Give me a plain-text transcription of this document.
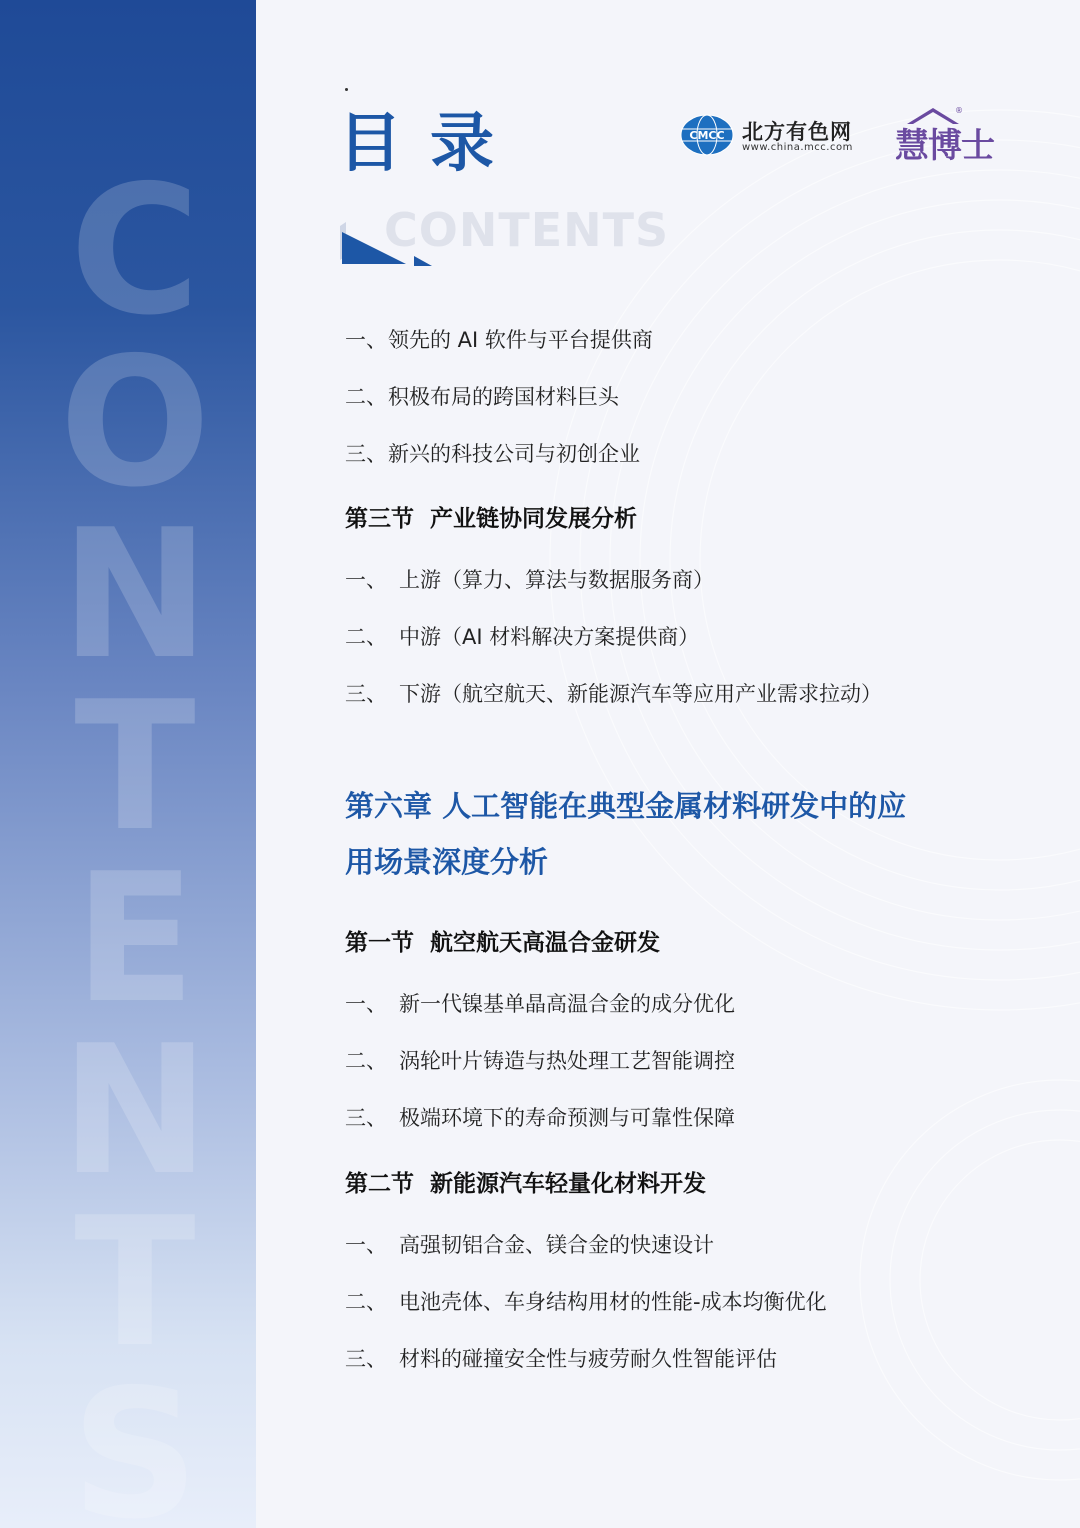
CONTENTS
目录
CONTENTS
CMCC 北方有色网
www.china.mcc.com
®
慧博士
一、领先的 AI 软件与平台提供商
二、积极布局的跨国材料巨头
三、新兴的科技公司与初创企业
第三节 产业链协同发展分析
一、 上游（算力、算法与数据服务商）
二、 中游（AI 材料解决方案提供商）
三、 下游（航空航天、新能源汽车等应用产业需求拉动）
第六章 人工智能在典型金属材料研发中的应
用场景深度分析
第一节 航空航天高温合金研发
一、 新一代镍基单晶高温合金的成分优化
二、 涡轮叶片铸造与热处理工艺智能调控
三、 极端环境下的寿命预测与可靠性保障
第二节 新能源汽车轻量化材料开发
一、 高强韧铝合金、镁合金的快速设计
二、 电池壳体、车身结构用材的性能-成本均衡优化
三、 材料的碰撞安全性与疲劳耐久性智能评估
